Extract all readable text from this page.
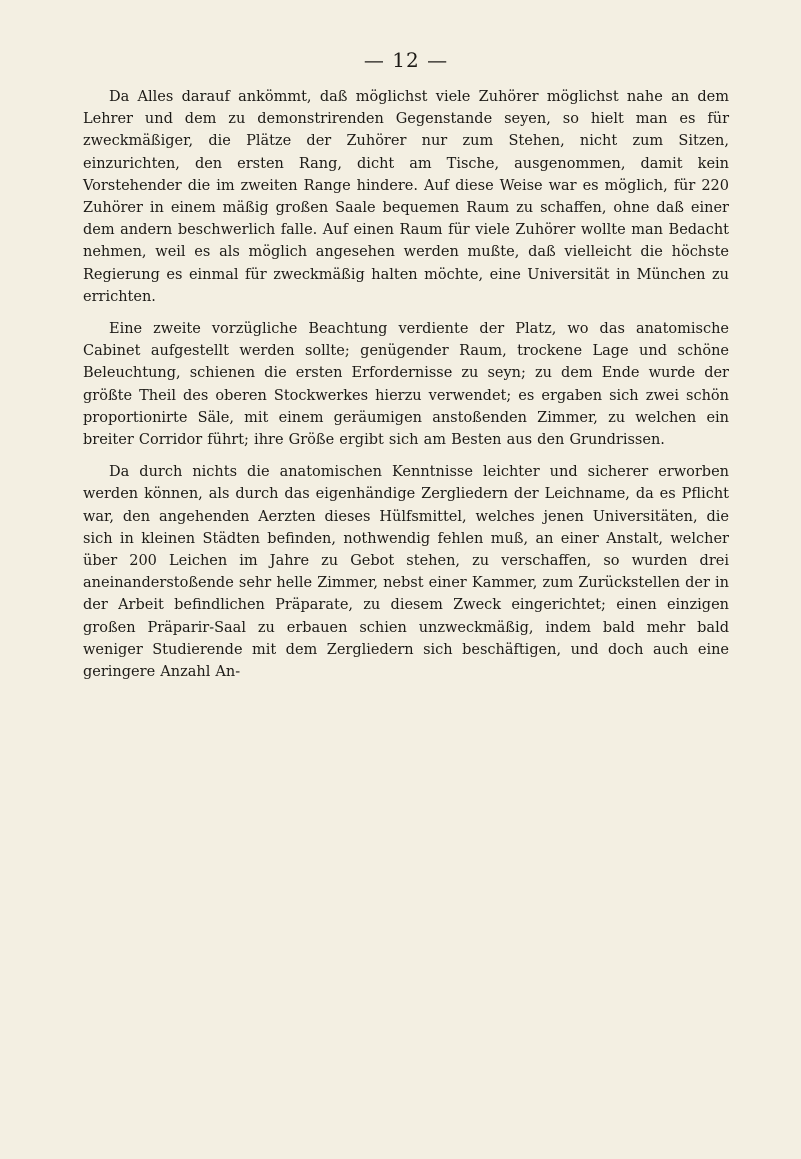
— 12 —

Da Alles darauf ankömmt, daß möglichst viele Zuhörer möglichst nahe an dem Lehrer und dem zu demonstrirenden Gegenstande seyen, so hielt man es für zweckmäßiger, die Plätze der Zuhörer nur zum Stehen, nicht zum Sitzen, einzurichten, den ersten Rang, dicht am Tische, ausgenommen, damit kein Vorstehender die im zweiten Range hindere. Auf diese Weise war es möglich, für 220 Zuhörer in einem mäßig großen Saale bequemen Raum zu schaffen, ohne daß einer dem andern beschwerlich falle. Auf einen Raum für viele Zuhörer wollte man Bedacht nehmen, weil es als möglich angesehen werden mußte, daß vielleicht die höchste Regierung es einmal für zweckmäßig halten möchte, eine Universität in München zu errichten.

Eine zweite vorzügliche Beachtung verdiente der Platz, wo das anatomische Cabinet aufgestellt werden sollte; genügender Raum, trockene Lage und schöne Beleuchtung, schienen die ersten Erfordernisse zu seyn; zu dem Ende wurde der größte Theil des oberen Stockwerkes hierzu verwendet; es ergaben sich zwei schön proportionirte Säle, mit einem geräumigen anstoßenden Zimmer, zu welchen ein breiter Corridor führt; ihre Größe ergibt sich am Besten aus den Grundrissen.

Da durch nichts die anatomischen Kenntnisse leichter und sicherer erworben werden können, als durch das eigenhändige Zergliedern der Leichname, da es Pflicht war, den angehenden Aerzten dieses Hülfsmittel, welches jenen Universitäten, die sich in kleinen Städten befinden, nothwendig fehlen muß, an einer Anstalt, welcher über 200 Leichen im Jahre zu Gebot stehen, zu verschaffen, so wurden drei aneinanderstoßende sehr helle Zimmer, nebst einer Kammer, zum Zurückstellen der in der Arbeit befindlichen Präparate, zu diesem Zweck eingerichtet; einen einzigen großen Präparir-Saal zu erbauen schien unzweckmäßig, indem bald mehr bald weniger Studierende mit dem Zergliedern sich beschäftigen, und doch auch eine geringere Anzahl An-
